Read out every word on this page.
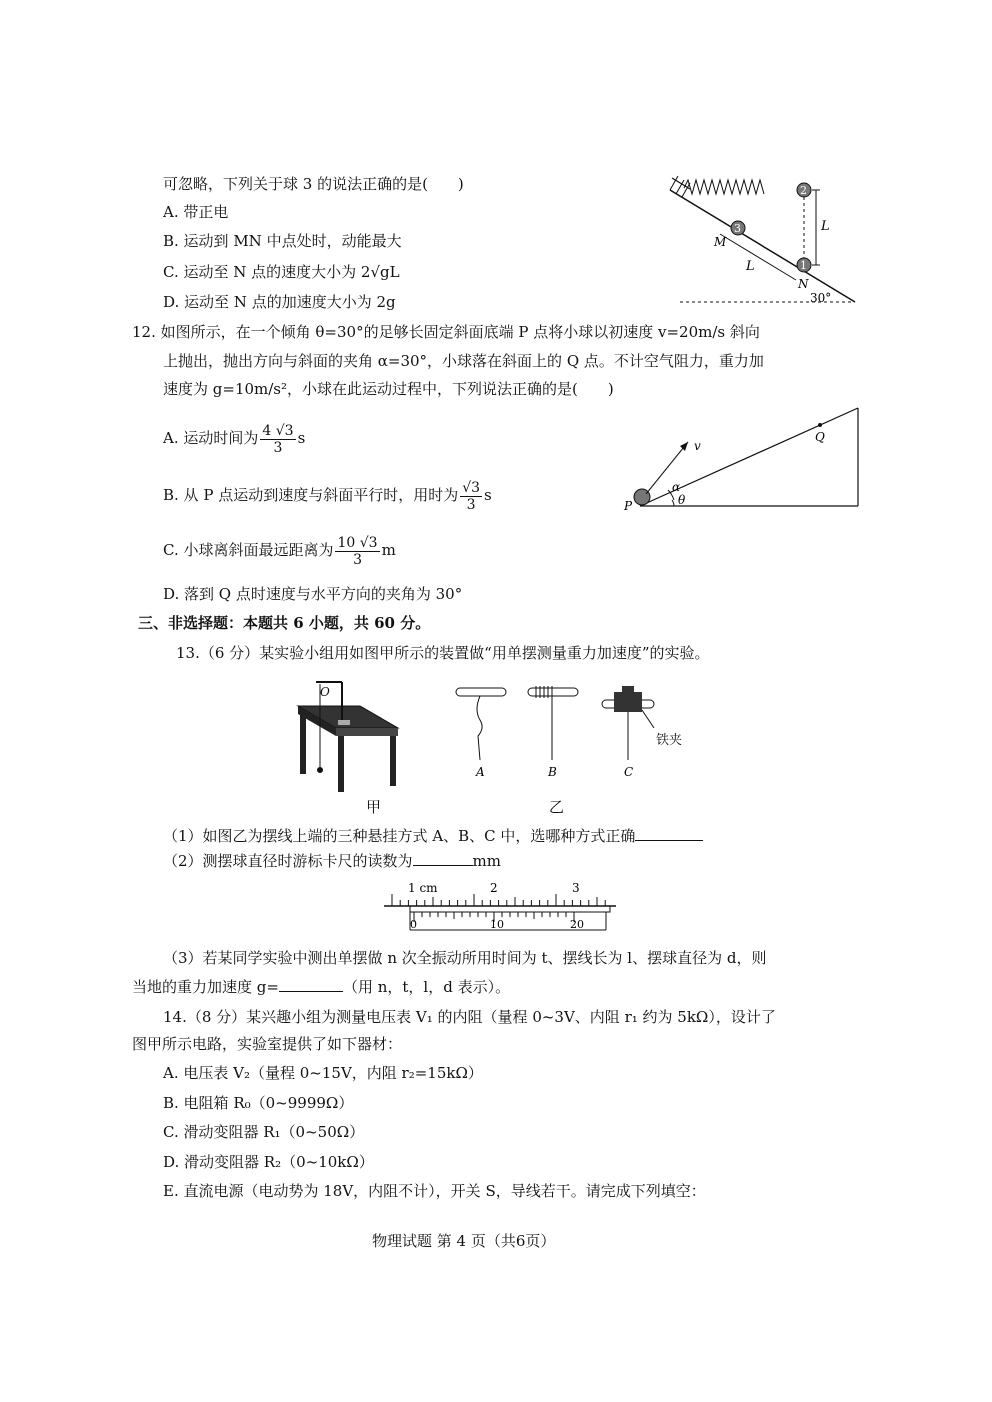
可忽略，下列关于球 3 的说法正确的是(　　)
A. 带正电
B. 运动到 MN 中点处时，动能最大
C. 运动至 N 点的速度大小为 2√gL
D. 运动至 N 点的加速度大小为 2g
3
1
2
L
L
M
N
30°
12. 如图所示，在一个倾角 θ=30°的足够长固定斜面底端 P 点将小球以初速度 v=20m/s 斜向
上抛出，抛出方向与斜面的夹角 α=30°，小球落在斜面上的 Q 点。不计空气阻力，重力加
速度为 g=10m/s²，小球在此运动过程中，下列说法正确的是(　　)
A. 运动时间为 $\frac{4 √3}{3}$ s
B. 从 P 点运动到速度与斜面平行时，用时为 $\frac{√3}{3}$ s
C. 小球离斜面最远距离为 $\frac{10 √3}{3}$ m
D. 落到 Q 点时速度与水平方向的夹角为 30°
v
Q
P
α
θ
三、非选择题：本题共 6 小题，共 60 分。
13.（6 分）某实验小组用如图甲所示的装置做“用单摆测量重力加速度”的实验。
O
甲
A	B	C
铁夹
乙
（1）如图乙为摆线上端的三种悬挂方式 A、B、C 中，选哪种方式正确
（2）测摆球直径时游标卡尺的读数为	mm
1 cm	2	3
0	10	20
（3）若某同学实验中测出单摆做 n 次全振动所用时间为 t、摆线长为 l、摆球直径为 d，则
当地的重力加速度 g=	（用 n，t，l，d 表示）。
14.（8 分）某兴趣小组为测量电压表 V₁ 的内阻（量程 0~3V、内阻 r₁ 约为 5kΩ），设计了
图甲所示电路，实验室提供了如下器材：
A. 电压表 V₂（量程 0~15V，内阻 r₂=15kΩ）
B. 电阻箱 R₀（0~9999Ω）
C. 滑动变阻器 R₁（0~50Ω）
D. 滑动变阻器 R₂（0~10kΩ）
E. 直流电源（电动势为 18V，内阻不计），开关 S，导线若干。请完成下列填空：
物理试题 第 4 页（共6页）
